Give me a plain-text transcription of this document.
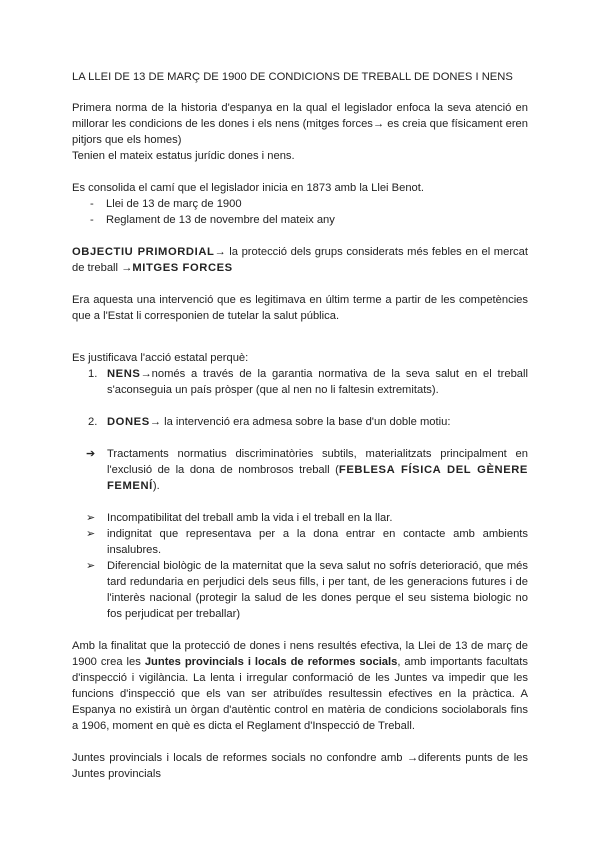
LA LLEI DE 13 DE MARÇ DE 1900 DE CONDICIONS DE TREBALL DE DONES I NENS

Primera norma de la historia d'espanya en la qual el legislador enfoca la seva atenció en millorar les condicions de les dones i els nens (mitges forces→ es creia que físicament eren pitjors que els homes)

Tenien el mateix estatus jurídic dones i nens.

Es consolida el camí que el legislador inicia en 1873 amb la Llei Benot.

- Llei de 13 de març de 1900
- Reglament de 13 de novembre del mateix any

OBJECTIU PRIMORDIAL→ la protecció dels grups considerats més febles en el mercat de treball →MITGES FORCES

Era aquesta una intervenció que es legitimava en últim terme a partir de les competències que a l'Estat li corresponien de tutelar la salut pública.

Es justificava l'acció estatal perquè:

1. NENS→només a través de la garantia normativa de la seva salut en el treball s'aconseguia un país pròsper (que al nen no li faltesin extremitats).
2. DONES→ la intervenció era admesa sobre la base d'un doble motiu:
➔ Tractaments normatius discriminatòries subtils, materialitzats principalment en l'exclusió de la dona de nombrosos treball (FEBLESA FÍSICA DEL GÈNERE FEMENÍ).
➢ Incompatibilitat del treball amb la vida i el treball en la llar.
➢ indignitat que representava per a la dona entrar en contacte amb ambients insalubres.
➢ Diferencial biològic de la maternitat que la seva salut no sofrís deterioració, que més tard redundaria en perjudici dels seus fills, i per tant, de les generacions futures i de l'interès nacional (protegir la salud de les dones perque el seu sistema biologic no fos perjudicat per treballar)

Amb la finalitat que la protecció de dones i nens resultés efectiva, la Llei de 13 de març de 1900 crea les Juntes provincials i locals de reformes socials, amb importants facultats d'inspecció i vigilància. La lenta i irregular conformació de les Juntes va impedir que les funcions d'inspecció que els van ser atribuïdes resultessin efectives en la pràctica. A Espanya no existirà un òrgan d'autèntic control en matèria de condicions sociolaborals fins a 1906, moment en què es dicta el Reglament d'Inspecció de Treball.

Juntes provincials i locals de reformes socials no confondre amb →diferents punts de les Juntes provincials
